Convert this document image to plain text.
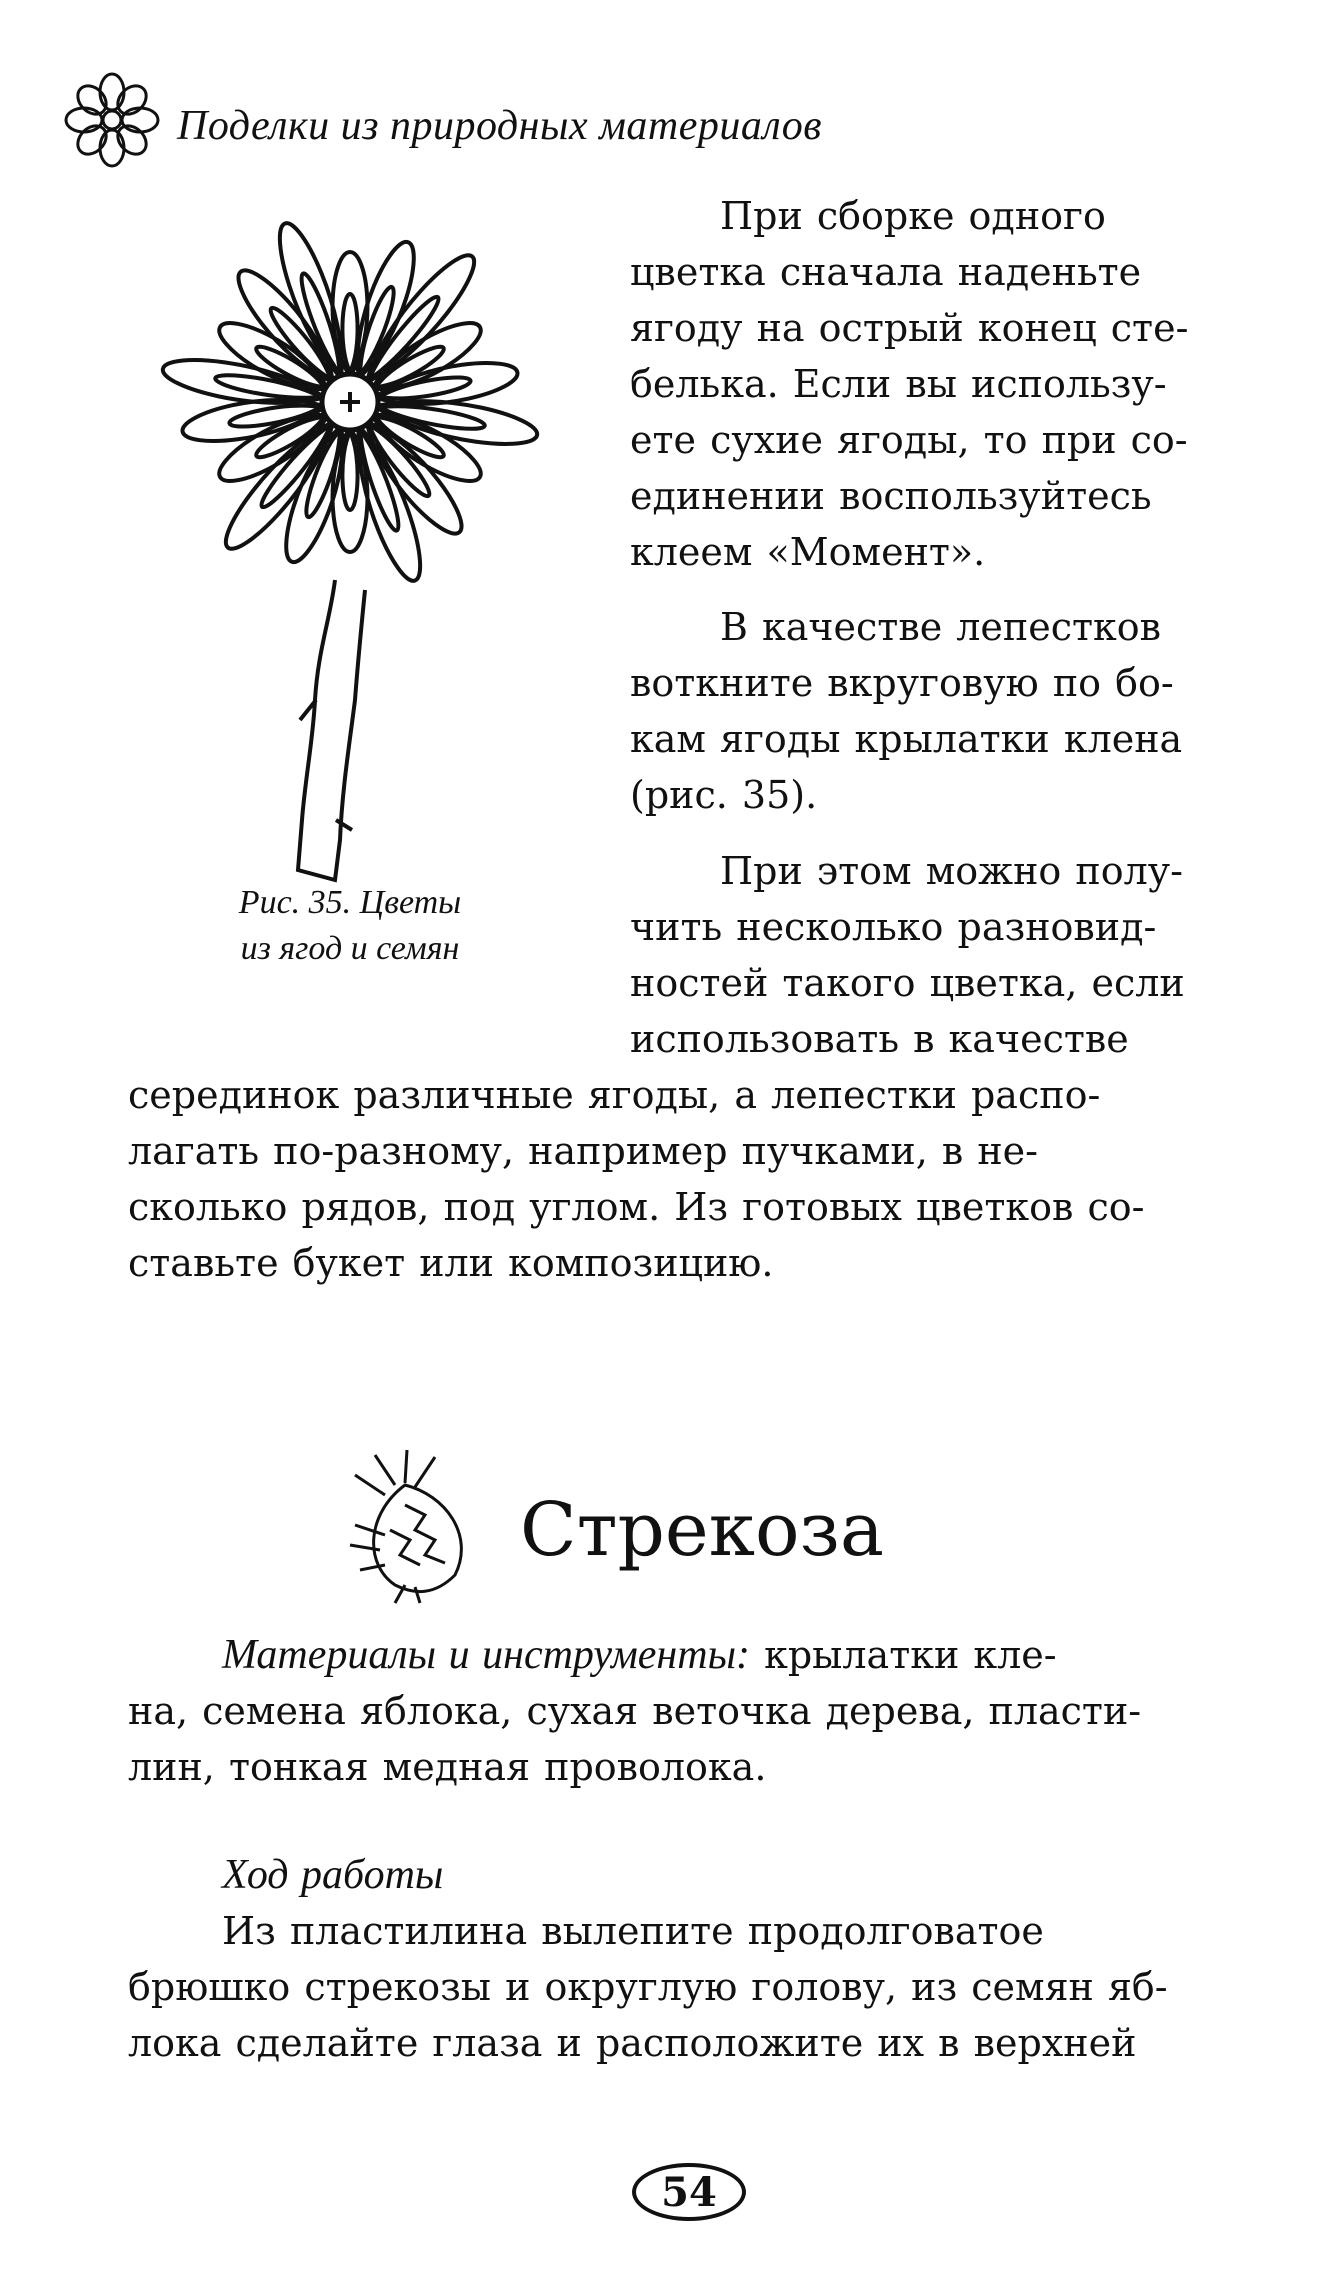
Поделки из природных материалов
Рис. 35. Цветы
из ягод и семян
При сборке одного
цветка сначала наденьте
ягоду на острый конец сте-
белька. Если вы использу-
ете сухие ягоды, то при со-
единении воспользуйтесь
клеем «Момент».
В качестве лепестков
воткните вкруговую по бо-
кам ягоды крылатки клена
(рис. 35).
При этом можно полу-
чить несколько разновид-
ностей такого цветка, если
использовать в качестве
серединок различные ягоды, а лепестки распо-
лагать по-разному, например пучками, в не-
сколько рядов, под углом. Из готовых цветков со-
ставьте букет или композицию.
Стрекоза
Материалы и инструменты: крылатки кле-
на, семена яблока, сухая веточка дерева, пласти-
лин, тонкая медная проволока.
Ход работы
Из пластилина вылепите продолговатое
брюшко стрекозы и округлую голову, из семян яб-
лока сделайте глаза и расположите их в верхней
54
